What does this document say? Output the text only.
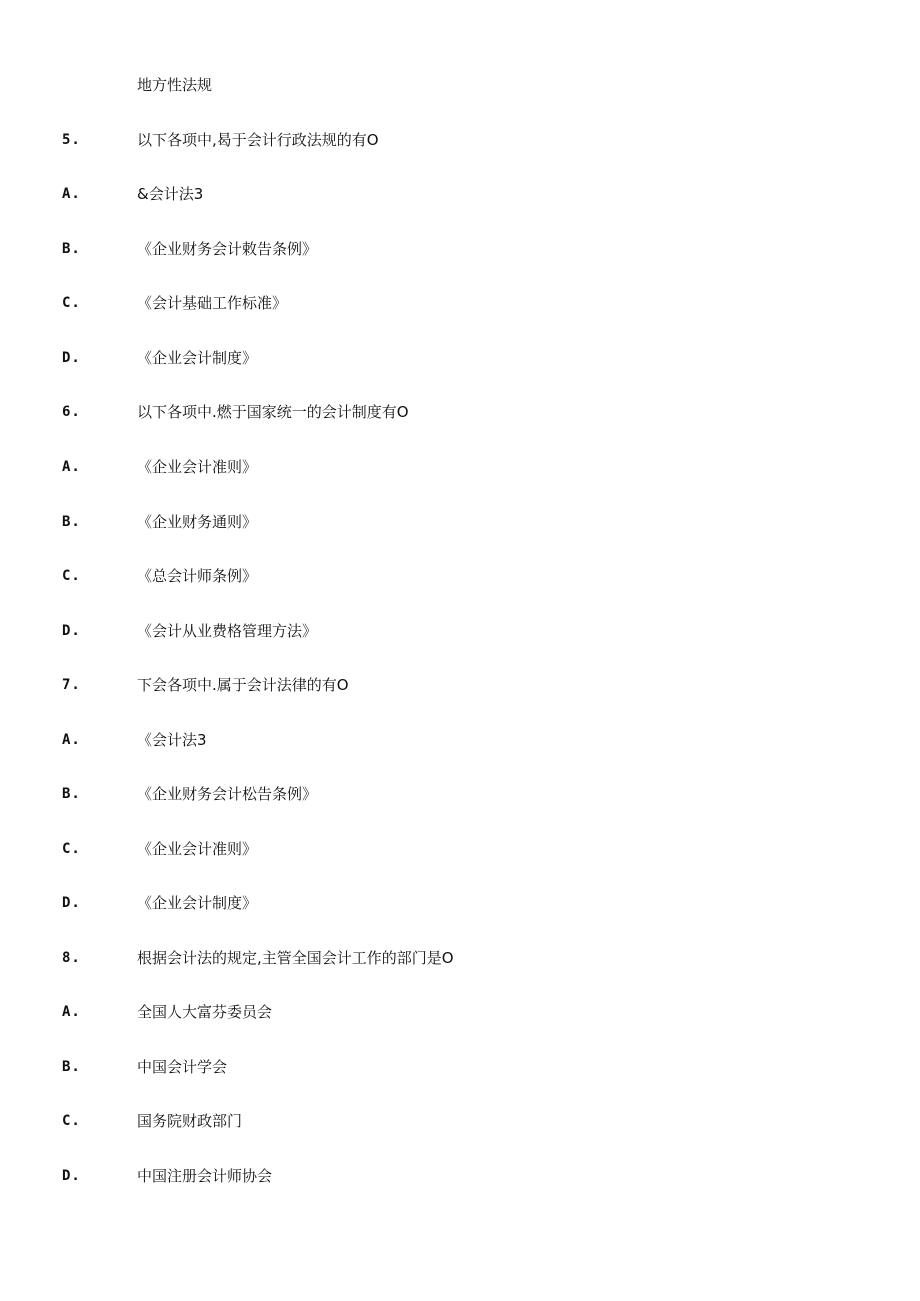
地方性法规
5.	以下各项中,曷于会计行政法规的有O
A.	&会计法3
B.	《企业财务会计敕告条例》
C.	《会计基础工作标准》
D.	《企业会计制度》
6.	以下各项中.燃于国家统一的会计制度有O
A.	《企业会计准则》
B.	《企业财务通则》
C.	《总会计师条例》
D.	《会计从业费格管理方法》
7.	下会各项中.属于会计法律的有O
A.	《会计法3
B.	《企业财务会计松告条例》
C.	《企业会计准则》
D.	《企业会计制度》
8.	根据会计法的规定,主管全国会计工作的部门是O
A.	全国人大富芬委员会
B.	中国会计学会
C.	国务院财政部门
D.	中国注册会计师协会
